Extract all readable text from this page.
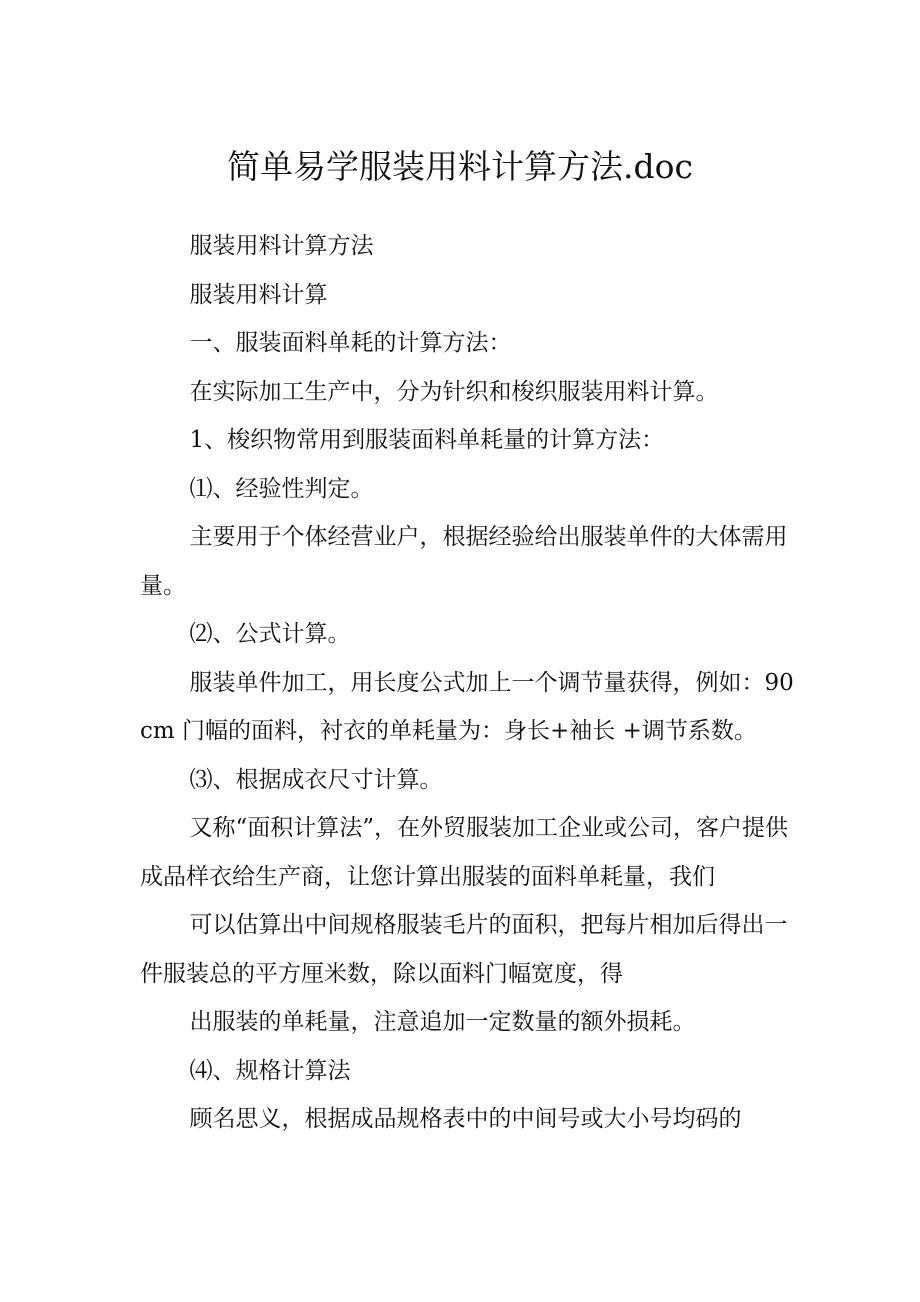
简单易学服装用料计算方法.doc

服装用料计算方法

服装用料计算

一、服装面料单耗的计算方法：

在实际加工生产中，分为针织和梭织服装用料计算。

1、梭织物常用到服装面料单耗量的计算方法：

⑴、经验性判定。

主要用于个体经营业户，根据经验给出服装单件的大体需用量。

⑵、公式计算。

服装单件加工，用长度公式加上一个调节量获得，例如：90cm 门幅的面料，衬衣的单耗量为：身长+袖长 +调节系数。

⑶、根据成衣尺寸计算。

又称“面积计算法”，在外贸服装加工企业或公司，客户提供成品样衣给生产商，让您计算出服装的面料单耗量，我们

可以估算出中间规格服装毛片的面积，把每片相加后得出一件服装总的平方厘米数，除以面料门幅宽度，得

出服装的单耗量，注意追加一定数量的额外损耗。

⑷、规格计算法

顾名思义，根据成品规格表中的中间号或大小号均码的
